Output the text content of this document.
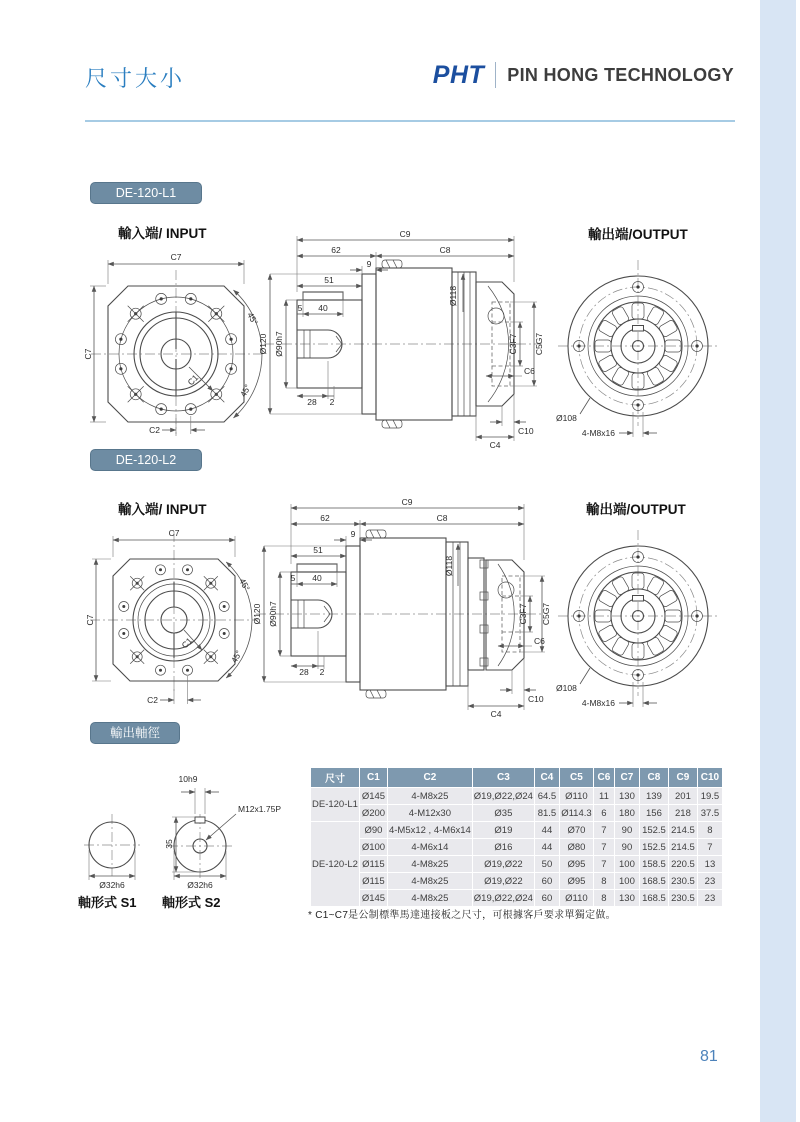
尺寸大小	PHT PIN HONG TECHNOLOGY
DE-120-L1
輸入端/ INPUT	輸出端/OUTPUT
C7
C7
45°
45°
C1
C2
C9
62	C8
9
51
Ø118
5 40
Ø120 Ø90h7
28 2
C3F7 C5G7
C6
C10
C4
Ø108
4-M8x16
DE-120-L2
輸入端/ INPUT	輸出端/OUTPUT
C7
C7
45°
45°
C1
C2
C9
62	C8
9
51
Ø118
5 40
Ø120 Ø90h7
28 2
C3F7 C5G7
C6
C10
C4
Ø108
4-M8x16
輸出軸徑
Ø32h6
M12x1.75P
10h9
35
Ø32h6
軸形式 S1 軸形式 S2
尺寸	C1	C2	C3	C4	C5	C6	C7	C8	C9	C10
DE-120-L1	Ø145	4-M8x25	Ø19,Ø22,Ø24	64.5	Ø110	11	130	139	201	19.5
	Ø200	4-M12x30	Ø35	81.5	Ø114.3	6	180	156	218	37.5
DE-120-L2	Ø90	4-M5x12 , 4-M6x14	Ø19	44	Ø70	7	90	152.5	214.5	8
	Ø100	4-M6x14	Ø16	44	Ø80	7	90	152.5	214.5	7
	Ø115	4-M8x25	Ø19,Ø22	50	Ø95	7	100	158.5	220.5	13
	Ø115	4-M8x25	Ø19,Ø22	60	Ø95	8	100	168.5	230.5	23
	Ø145	4-M8x25	Ø19,Ø22,Ø24	60	Ø110	8	130	168.5	230.5	23
* C1~C7是公制標準馬達連接板之尺寸，可根據客戶要求單獨定做。
81
